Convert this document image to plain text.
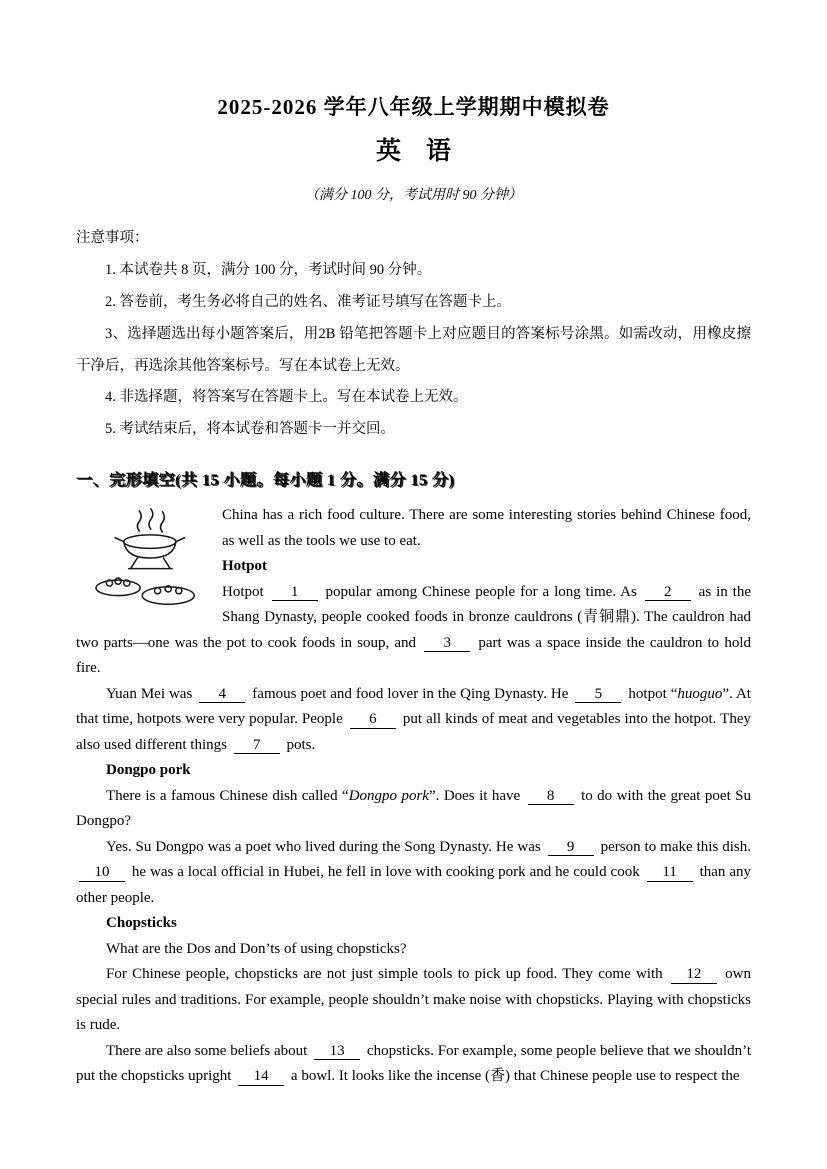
2025-2026 学年八年级上学期期中模拟卷
英    语
（满分 100 分，考试用时 90 分钟）
注意事项：

1. 本试卷共 8 页，满分 100 分，考试时间 90 分钟。

2. 答卷前，考生务必将自己的姓名、准考证号填写在答题卡上。

3、选择题选出每小题答案后，用2B 铅笔把答题卡上对应题目的答案标号涂黑。如需改动，用橡皮擦干净后，再选涂其他答案标号。写在本试卷上无效。

4. 非选择题，将答案写在答题卡上。写在本试卷上无效。

5. 考试结束后，将本试卷和答题卡一并交回。

一、完形填空(共 15 小题。每小题 1 分。满分 15 分)

China has a rich food culture. There are some interesting stories behind Chinese food, as well as the tools we use to eat.

Hotpot

Hotpot 1 popular among Chinese people for a long time. As 2 as in the Shang Dynasty, people cooked foods in bronze cauldrons (青铜鼎). The cauldron had two parts—one was the pot to cook foods in soup, and 3 part was a space inside the cauldron to hold fire.

Yuan Mei was 4 famous poet and food lover in the Qing Dynasty. He 5 hotpot “huoguo”. At that time, hotpots were very popular. People 6 put all kinds of meat and vegetables into the hotpot. They also used different things 7 pots.

Dongpo pork

There is a famous Chinese dish called “Dongpo pork”. Does it have 8 to do with the great poet Su Dongpo?

Yes. Su Dongpo was a poet who lived during the Song Dynasty. He was 9 person to make this dish. 10 he was a local official in Hubei, he fell in love with cooking pork and he could cook 11 than any other people.

Chopsticks

What are the Dos and Don’ts of using chopsticks?

For Chinese people, chopsticks are not just simple tools to pick up food. They come with 12 own special rules and traditions. For example, people shouldn’t make noise with chopsticks. Playing with chopsticks is rude.

There are also some beliefs about 13 chopsticks. For example, some people believe that we shouldn’t put the chopsticks upright 14 a bowl. It looks like the incense (香) that Chinese people use to respect the
